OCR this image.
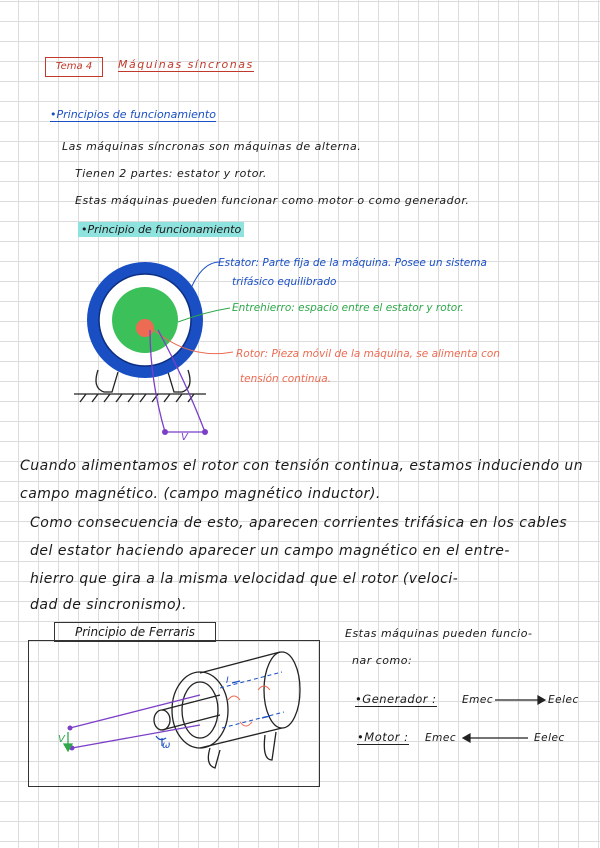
Tema 4	Máquinas síncronas
•Principios de funcionamiento
Las máquinas síncronas son máquinas de alterna.
Tienen 2 partes: estator y rotor.
Estas máquinas pueden funcionar como motor o como generador.
•Principio de funcionamiento
Estator: Parte fija de la máquina. Posee un sistema
trifásico equilibrado
Entrehierro: espacio entre el estator y rotor.
Rotor: Pieza móvil de la máquina, se alimenta con
tensión continua.
V
Cuando alimentamos el rotor con tensión continua, estamos induciendo un
campo magnético. (campo magnético inductor).
Como consecuencia de esto, aparecen corrientes trifásica en los cables
del estator haciendo aparecer un campo magnético en el entre-
hierro que gira a la misma velocidad que el rotor (veloci-
dad de sincronismo).
Principio de Ferraris
V
ω
I
Estas máquinas pueden funcio-
nar como:
•Generador : Emec	Eelec
•Motor : Emec	Eelec
